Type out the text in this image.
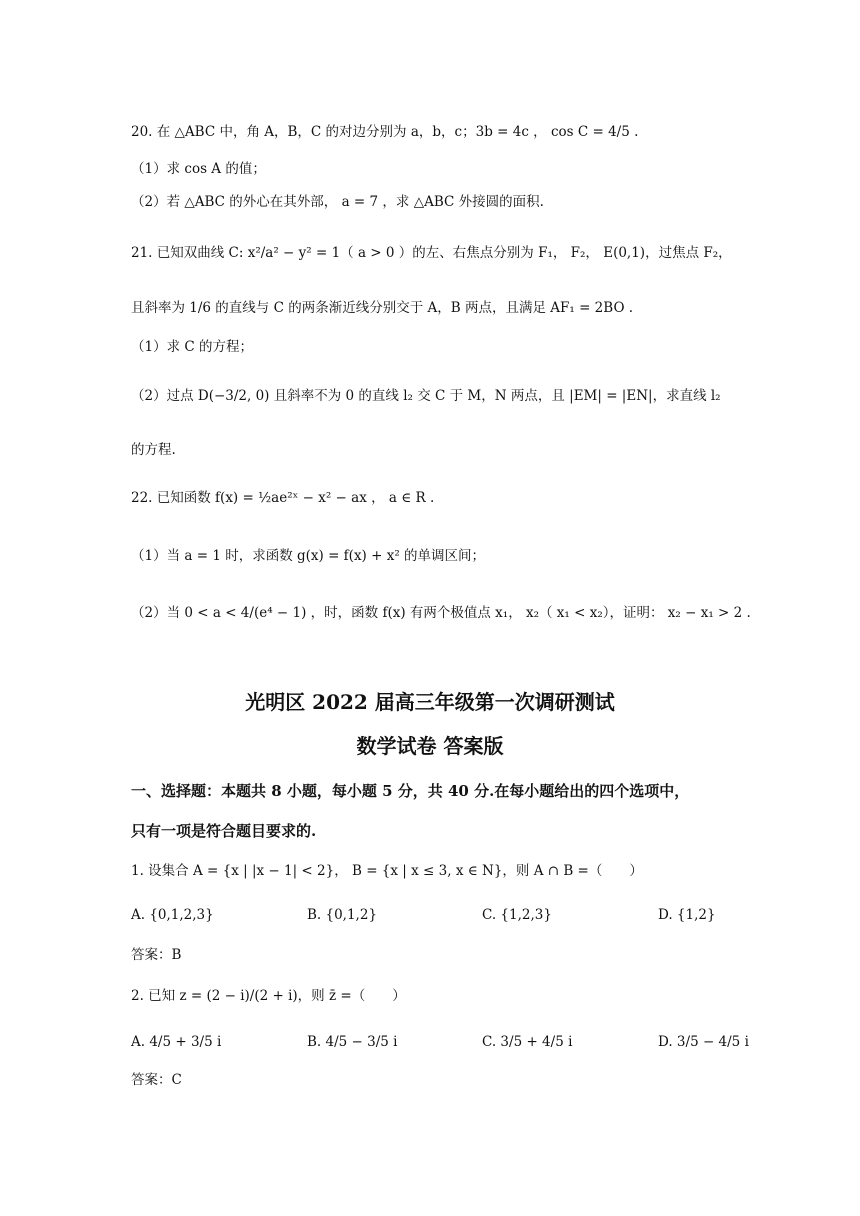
20. 在 △ABC 中，角 A，B，C 的对边分别为 a，b，c；3b = 4c ， cos C = 4/5 .
（1）求 cos A 的值；
（2）若 △ABC 的外心在其外部， a = 7 ，求 △ABC 外接圆的面积.
21. 已知双曲线 C: x²/a² − y² = 1（ a > 0 ）的左、右焦点分别为 F₁， F₂， E(0,1)，过焦点 F₂，
且斜率为 1/6 的直线与 C 的两条渐近线分别交于 A，B 两点，且满足 AF₁ = 2BO .
（1）求 C 的方程；
（2）过点 D(−3/2, 0) 且斜率不为 0 的直线 l₂ 交 C 于 M，N 两点，且 |EM| = |EN|，求直线 l₂
的方程.
22. 已知函数 f(x) = ½ae²ˣ − x² − ax ， a ∈ R .
（1）当 a = 1 时，求函数 g(x) = f(x) + x² 的单调区间；
（2）当 0 < a < 4/(e⁴ − 1) ，时，函数 f(x) 有两个极值点 x₁， x₂（ x₁ < x₂），证明： x₂ − x₁ > 2 .
光明区 2022 届高三年级第一次调研测试
数学试卷 答案版
一、选择题：本题共 8 小题，每小题 5 分，共 40 分.在每小题给出的四个选项中，
只有一项是符合题目要求的.
1. 设集合 A = {x | |x − 1| < 2}， B = {x | x ≤ 3, x ∈ N}，则 A ∩ B =（　　）
A. {0,1,2,3}	B. {0,1,2}	C. {1,2,3}	D. {1,2}
答案：B
2. 已知 z = (2 − i)/(2 + i)，则 z̄ =（　　）
A. 4/5 + 3/5 i	B. 4/5 − 3/5 i	C. 3/5 + 4/5 i	D. 3/5 − 4/5 i
答案：C
